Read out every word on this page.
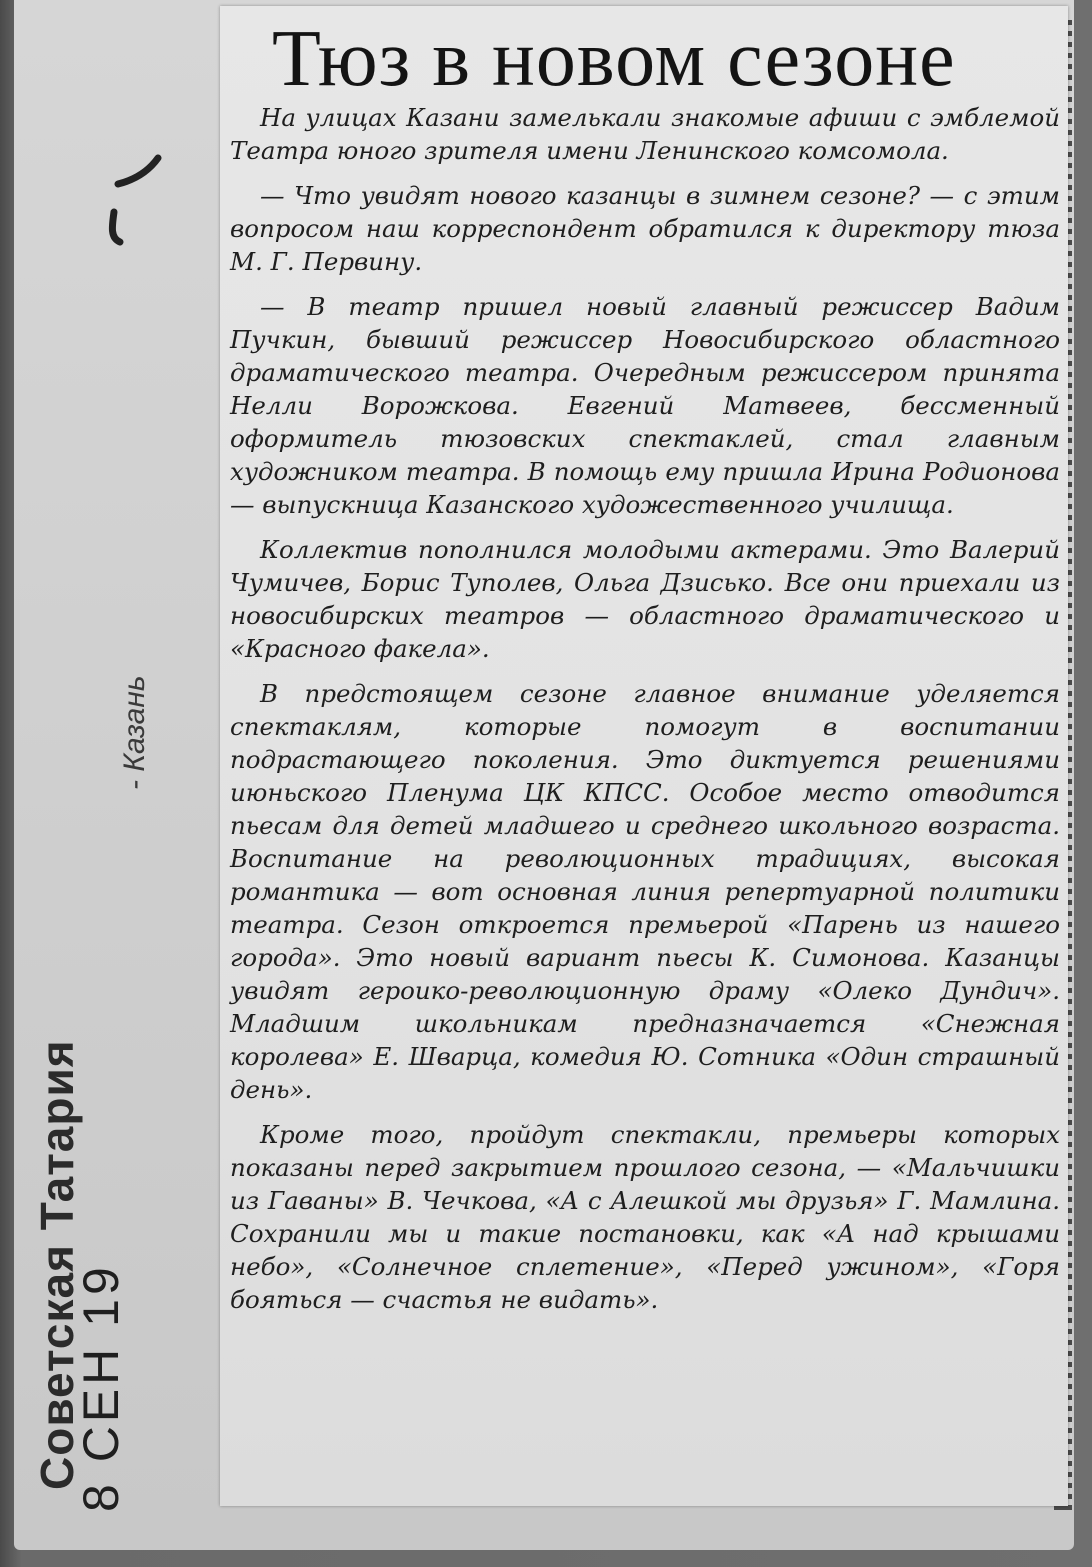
Советская Татария
- Казань
8 СЕН 19
Тюз в новом сезоне

На улицах Казани замелькали знакомые афиши с эмблемой Театра юного зрителя имени Ленинского комсомола.

— Что увидят нового казанцы в зимнем сезоне? — с этим вопросом наш корреспондент обратился к директору тюза М. Г. Первину.

— В театр пришел новый главный режиссер Вадим Пучкин, бывший режиссер Новосибирского областного драматического театра. Очередным режиссером принята Нелли Ворожкова. Евгений Матвеев, бессменный оформитель тюзовских спектаклей, стал главным художником театра. В помощь ему пришла Ирина Родионова — выпускница Казанского художественного училища.

Коллектив пополнился молодыми актерами. Это Валерий Чумичев, Борис Туполев, Ольга Дзисько. Все они приехали из новосибирских театров — областного драматического и «Красного факела».

В предстоящем сезоне главное внимание уделяется спектаклям, которые помогут в воспитании подрастающего поколения. Это диктуется решениями июньского Пленума ЦК КПСС. Особое место отводится пьесам для детей младшего и среднего школьного возраста. Воспитание на революционных традициях, высокая романтика — вот основная линия репертуарной политики театра. Сезон откроется премьерой «Парень из нашего города». Это новый вариант пьесы К. Симонова. Казанцы увидят героико-революционную драму «Олеко Дундич». Младшим школьникам предназначается «Снежная королева» Е. Шварца, комедия Ю. Сотника «Один страшный день».

Кроме того, пройдут спектакли, премьеры которых показаны перед закрытием прошлого сезона, — «Мальчишки из Гаваны» В. Чечкова, «А с Алешкой мы друзья» Г. Мамлина. Сохранили мы и такие постановки, как «А над крышами небо», «Солнечное сплетение», «Перед ужином», «Горя бояться — счастья не видать».
